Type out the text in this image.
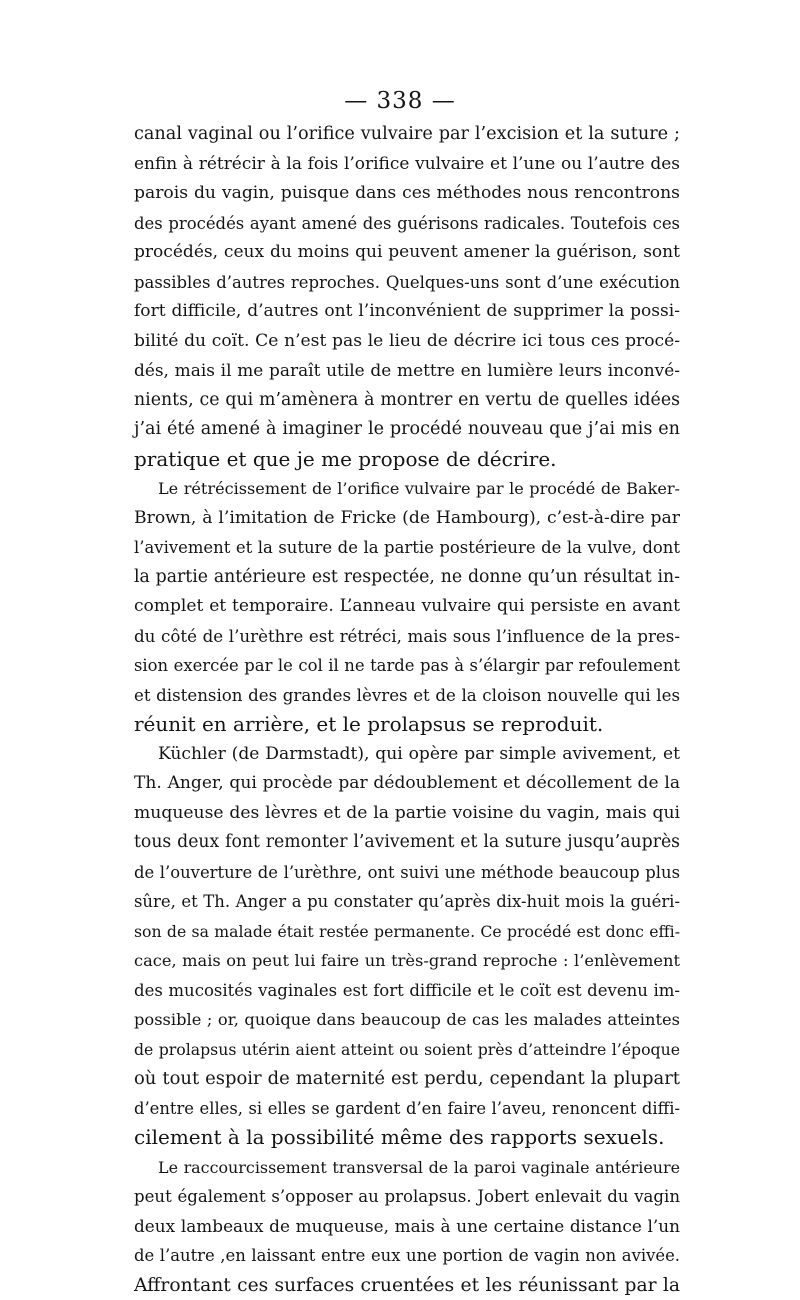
— 338 —
canal vaginal ou l’orifice vulvaire par l’excision et la suture ;
enfin à rétrécir à la fois l’orifice vulvaire et l’une ou l’autre des
parois du vagin, puisque dans ces méthodes nous rencontrons
des procédés ayant amené des guérisons radicales. Toutefois ces
procédés, ceux du moins qui peuvent amener la guérison, sont
passibles d’autres reproches. Quelques-uns sont d’une exécution
fort difficile, d’autres ont l’inconvénient de supprimer la possi-
bilité du coït. Ce n’est pas le lieu de décrire ici tous ces procé-
dés, mais il me paraît utile de mettre en lumière leurs inconvé-
nients, ce qui m’amènera à montrer en vertu de quelles idées
j’ai été amené à imaginer le procédé nouveau que j’ai mis en
pratique et que je me propose de décrire.
Le rétrécissement de l’orifice vulvaire par le procédé de Baker-
Brown, à l’imitation de Fricke (de Hambourg), c’est-à-dire par
l’avivement et la suture de la partie postérieure de la vulve, dont
la partie antérieure est respectée, ne donne qu’un résultat in-
complet et temporaire. L’anneau vulvaire qui persiste en avant
du côté de l’urèthre est rétréci, mais sous l’influence de la pres-
sion exercée par le col il ne tarde pas à s’élargir par refoulement
et distension des grandes lèvres et de la cloison nouvelle qui les
réunit en arrière, et le prolapsus se reproduit.
Küchler (de Darmstadt), qui opère par simple avivement, et
Th. Anger, qui procède par dédoublement et décollement de la
muqueuse des lèvres et de la partie voisine du vagin, mais qui
tous deux font remonter l’avivement et la suture jusqu’auprès
de l’ouverture de l’urèthre, ont suivi une méthode beaucoup plus
sûre, et Th. Anger a pu constater qu’après dix-huit mois la guéri-
son de sa malade était restée permanente. Ce procédé est donc effi-
cace, mais on peut lui faire un très-grand reproche : l’enlèvement
des mucosités vaginales est fort difficile et le coït est devenu im-
possible ; or, quoique dans beaucoup de cas les malades atteintes
de prolapsus utérin aient atteint ou soient près d’atteindre l’époque
où tout espoir de maternité est perdu, cependant la plupart
d’entre elles, si elles se gardent d’en faire l’aveu, renoncent diffi-
cilement à la possibilité même des rapports sexuels.
Le raccourcissement transversal de la paroi vaginale antérieure
peut également s’opposer au prolapsus. Jobert enlevait du vagin
deux lambeaux de muqueuse, mais à une certaine distance l’un
de l’autre ,en laissant entre eux une portion de vagin non avivée.
Affrontant ces surfaces cruentées et les réunissant par la
